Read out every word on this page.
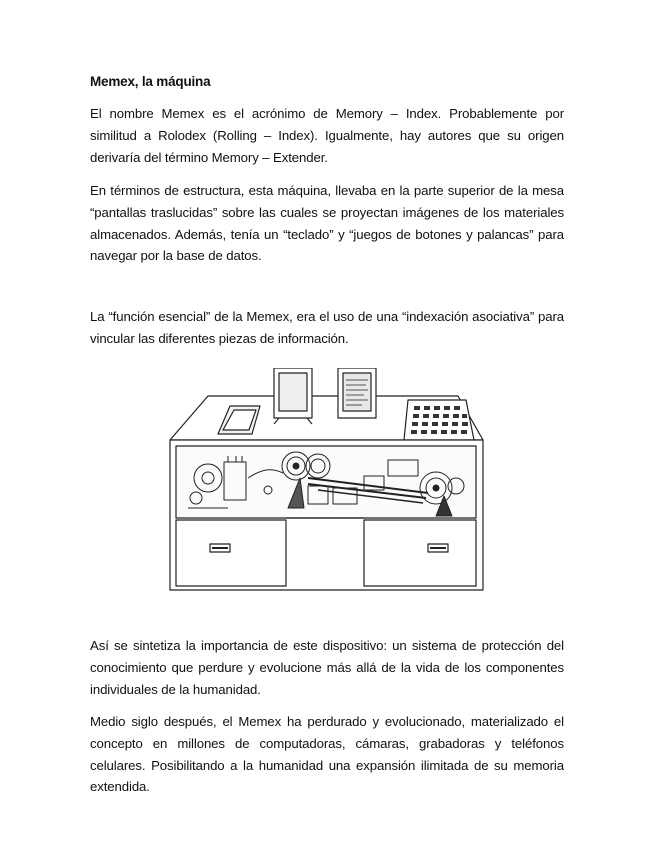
Memex, la máquina

El nombre Memex es el acrónimo de Memory – Index. Probablemente por similitud a Rolodex (Rolling – Index). Igualmente, hay autores que su origen derivaría del término Memory – Extender.

En términos de estructura, esta máquina, llevaba en la parte superior de la mesa “pantallas traslucidas” sobre las cuales se proyectan imágenes de los materiales almacenados. Además, tenía un “teclado” y “juegos de botones y palancas” para navegar por la base de datos.

La “función esencial” de la Memex, era el uso de una “indexación asociativa” para vincular las diferentes piezas de información.

Así se sintetiza la importancia de este dispositivo: un sistema de protección del conocimiento que perdure y evolucione más allá de la vida de los componentes individuales de la humanidad.

Medio siglo después, el Memex ha perdurado y evolucionado, materializado el concepto en millones de computadoras, cámaras, grabadoras y teléfonos celulares. Posibilitando a la humanidad una expansión ilimitada de su memoria extendida.
